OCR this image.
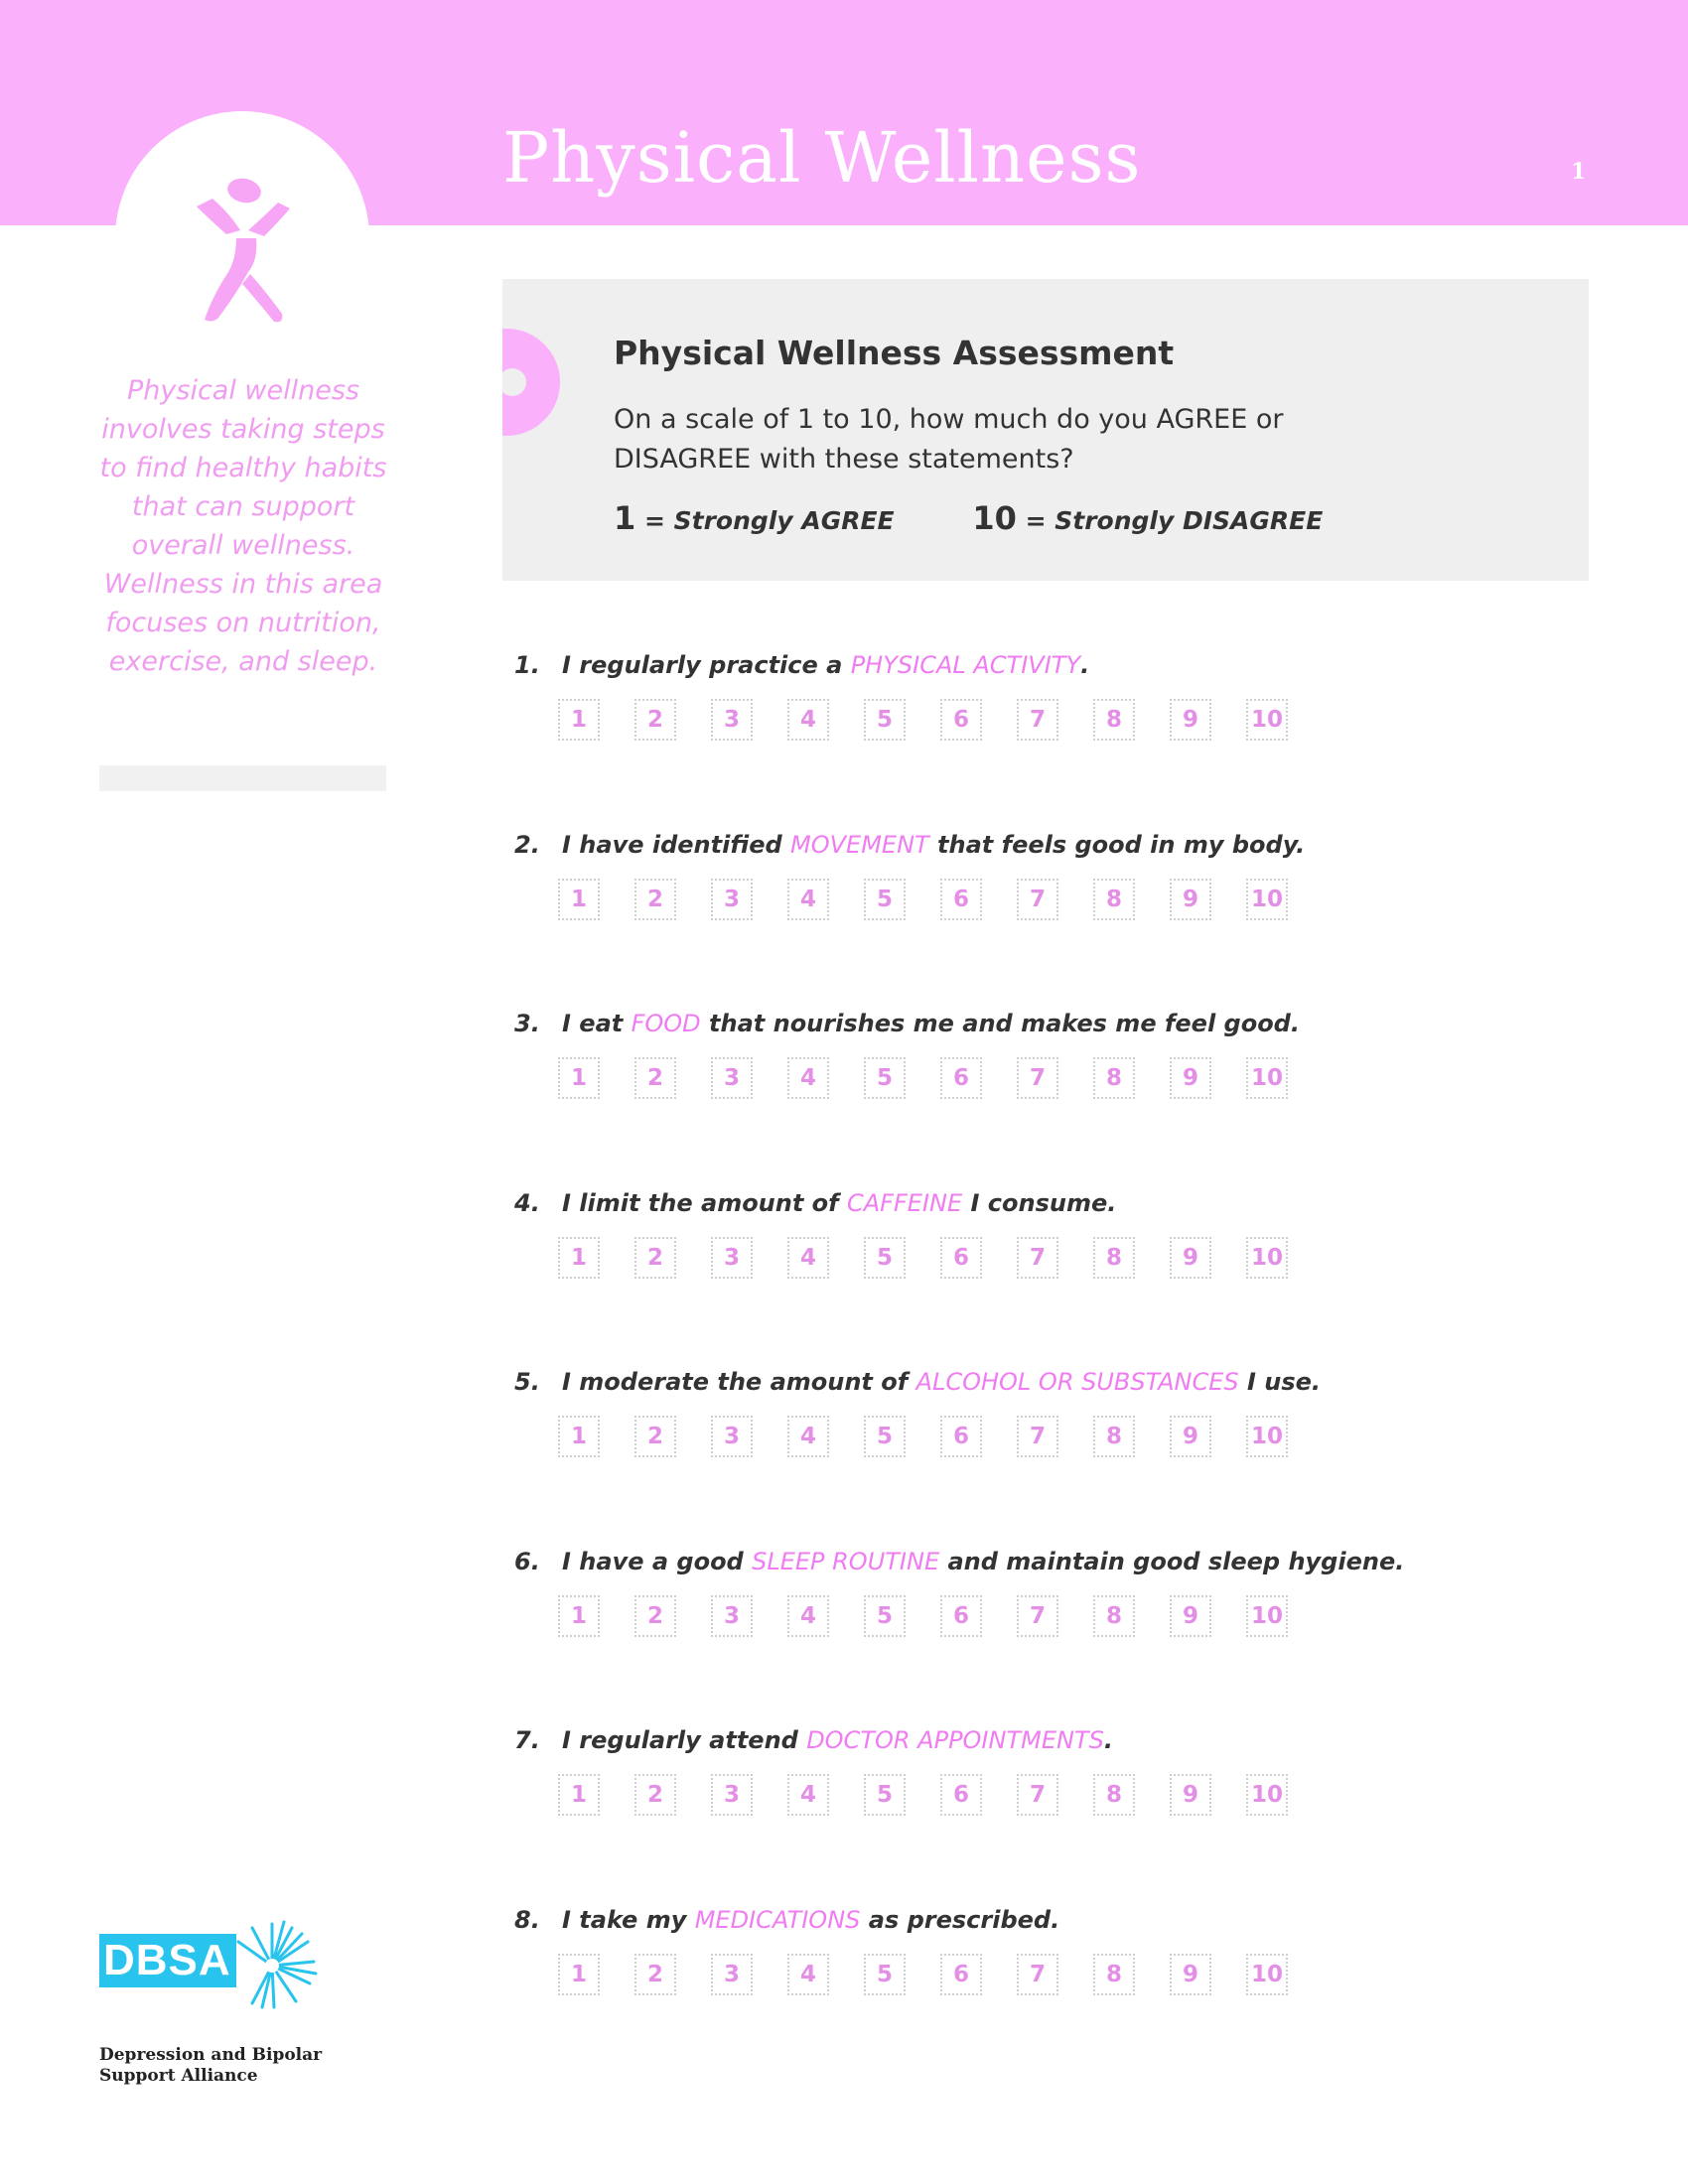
Physical Wellness	1
Physical wellness involves taking steps to find healthy habits that can support overall wellness. Wellness in this area focuses on nutrition, exercise, and sleep.
Physical Wellness Assessment
On a scale of 1 to 10, how much do you AGREE or DISAGREE with these statements?
1 = Strongly AGREE 10 = Strongly DISAGREE
1. I regularly practice a PHYSICAL ACTIVITY.
1	2	3	4	5	6	7	8	9	10
2. I have identified MOVEMENT that feels good in my body.
1	2	3	4	5	6	7	8	9	10
3. I eat FOOD that nourishes me and makes me feel good.
1	2	3	4	5	6	7	8	9	10
4. I limit the amount of CAFFEINE I consume.
1	2	3	4	5	6	7	8	9	10
5. I moderate the amount of ALCOHOL OR SUBSTANCES I use.
1	2	3	4	5	6	7	8	9	10
6. I have a good SLEEP ROUTINE and maintain good sleep hygiene.
1	2	3	4	5	6	7	8	9	10
7. I regularly attend DOCTOR APPOINTMENTS.
1	2	3	4	5	6	7	8	9	10
8. I take my MEDICATIONS as prescribed.
1	2	3	4	5	6	7	8	9	10
DBSA
Depression and Bipolar
Support Alliance
